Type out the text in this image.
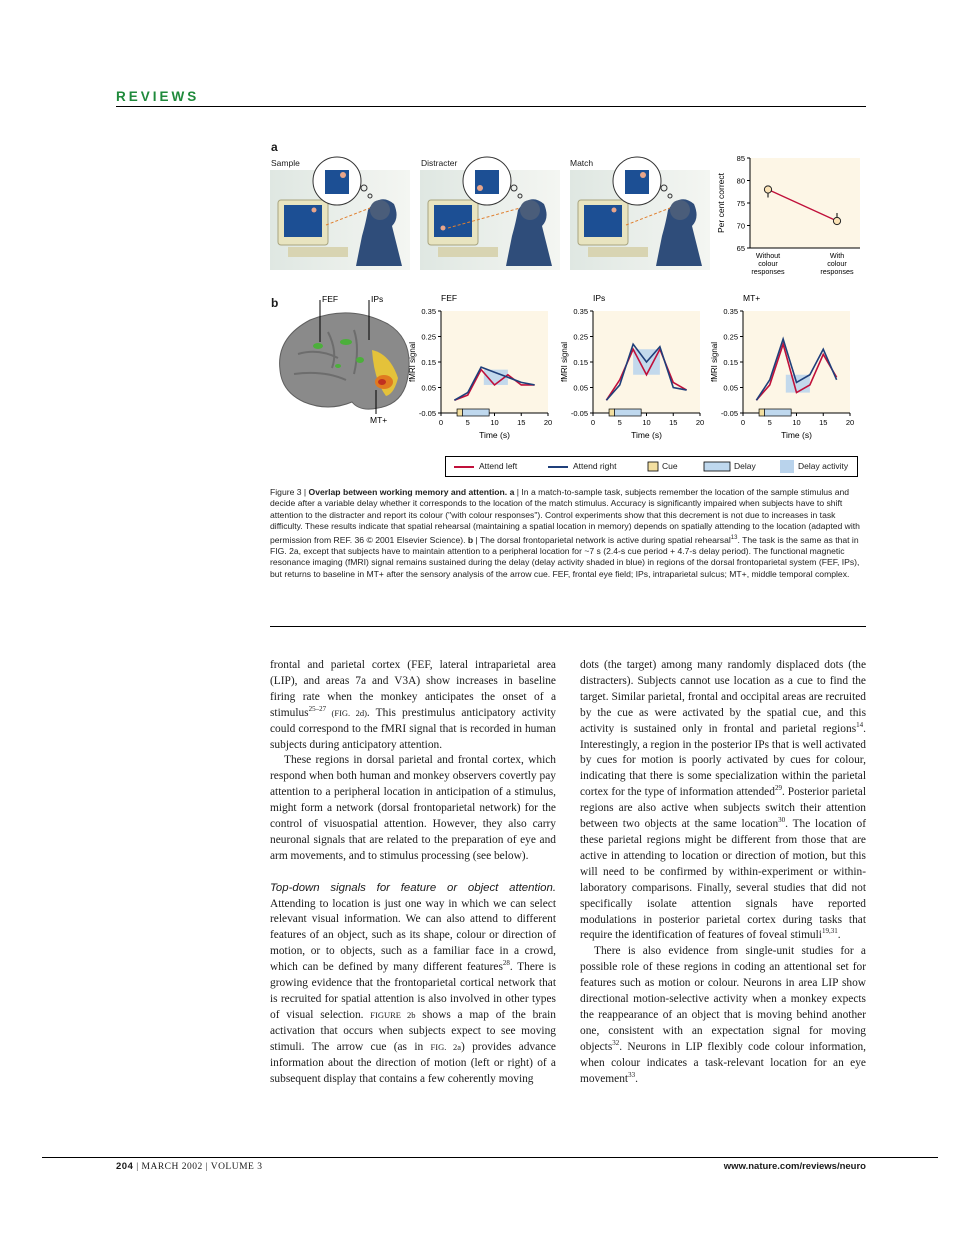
REVIEWS
a
Sample	Distracter	Match
65
70
75
80
85
Per cent correct
Without
colour
responses
With
colour
responses
b	FEF	IPs
MT+
FEF
-0.05
0.05
0.15
0.25
0.35
0	5	10 15 20
fMRI signal
Time (s)
IPs
-0.05
0.05
0.15
0.25
0.35
0	5	10 15 20
fMRI signal
Time (s)
MT+
-0.05
0.05
0.15
0.25
0.35
0	5	10 15 20
fMRI signal
Time (s)
Attend left	Attend right	Cue	Delay	Delay activity
Figure 3 | Overlap between working memory and attention. a | In a match-to-sample task, subjects remember the location of the sample stimulus and decide after a variable delay whether it corresponds to the location of the match stimulus. Accuracy is significantly impaired when subjects have to shift attention to the distracter and report its colour ("with colour responses"). Control experiments show that this decrement is not due to increases in task difficulty. These results indicate that spatial rehearsal (maintaining a spatial location in memory) depends on spatially attending to the location (adapted with permission from REF. 36 © 2001 Elsevier Science). b | The dorsal frontoparietal network is active during spatial rehearsal$^{13}$. The task is the same as that in FIG. 2a, except that subjects have to maintain attention to a peripheral location for ~7 s (2.4-s cue period + 4.7-s delay period). The functional magnetic resonance imaging (fMRI) signal remains sustained during the delay (delay activity shaded in blue) in regions of the dorsal frontoparietal system (FEF, IPs), but returns to baseline in MT+ after the sensory analysis of the arrow cue. FEF, frontal eye field; IPs, intraparietal sulcus; MT+, middle temporal complex.

frontal and parietal cortex (FEF, lateral intraparietal area (LIP), and areas 7a and V3A) show increases in baseline firing rate when the monkey anticipates the onset of a stimulus$^{25-27}$ (FIG. 2d). This prestimulus anticipatory activity could correspond to the fMRI signal that is recorded in human subjects during anticipatory attention.

These regions in dorsal parietal and frontal cortex, which respond when both human and monkey observers covertly pay attention to a peripheral location in anticipation of a stimulus, might form a network (dorsal frontoparietal network) for the control of visuospatial attention. However, they also carry neuronal signals that are related to the preparation of eye and arm movements, and to stimulus processing (see below).

Top-down signals for feature or object attention. Attending to location is just one way in which we can select relevant visual information. We can also attend to different features of an object, such as its shape, colour or direction of motion, or to objects, such as a familiar face in a crowd, which can be defined by many different features$^{28}$. There is growing evidence that the frontoparietal cortical network that is recruited for spatial attention is also involved in other types of visual selection. FIGURE 2b shows a map of the brain activation that occurs when subjects expect to see moving stimuli. The arrow cue (as in FIG. 2a) provides advance information about the direction of motion (left or right) of a subsequent display that contains a few coherently moving

dots (the target) among many randomly displaced dots (the distracters). Subjects cannot use location as a cue to find the target. Similar parietal, frontal and occipital areas are recruited by the cue as were activated by the spatial cue, and this activity is sustained only in frontal and parietal regions$^{14}$. Interestingly, a region in the posterior IPs that is well activated by cues for motion is poorly activated by cues for colour, indicating that there is some specialization within the parietal cortex for the type of information attended$^{29}$. Posterior parietal regions are also active when subjects switch their attention between two objects at the same location$^{30}$. The location of these parietal regions might be different from those that are active in attending to location or direction of motion, but this will need to be confirmed by within-experiment or within-laboratory comparisons. Finally, several studies that did not specifically isolate attention signals have reported modulations in posterior parietal cortex during tasks that require the identification of features of foveal stimuli$^{19,31}$.

There is also evidence from single-unit studies for a possible role of these regions in coding an attentional set for features such as motion or colour. Neurons in area LIP show directional motion-selective activity when a monkey expects the reappearance of an object that is moving behind another one, consistent with an expectation signal for moving objects$^{32}$. Neurons in LIP flexibly code colour information, when colour indicates a task-relevant location for an eye movement$^{33}$.

204 | MARCH 2002 | VOLUME 3	www.nature.com/reviews/neuro
